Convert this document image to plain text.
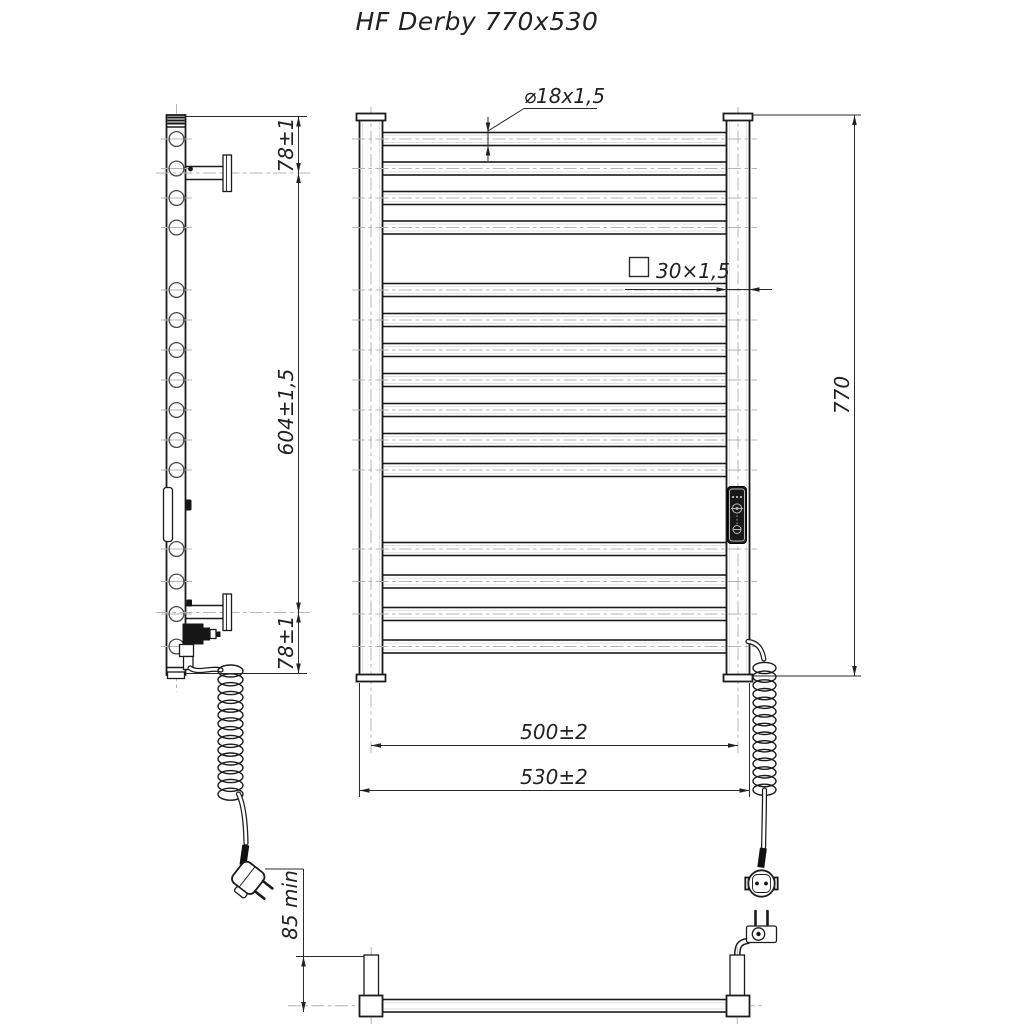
HF Derby 770x530
⌀18x1,5
30×1,5
770
78±1
604±1,5
78±1
500±2
530±2
85 min
